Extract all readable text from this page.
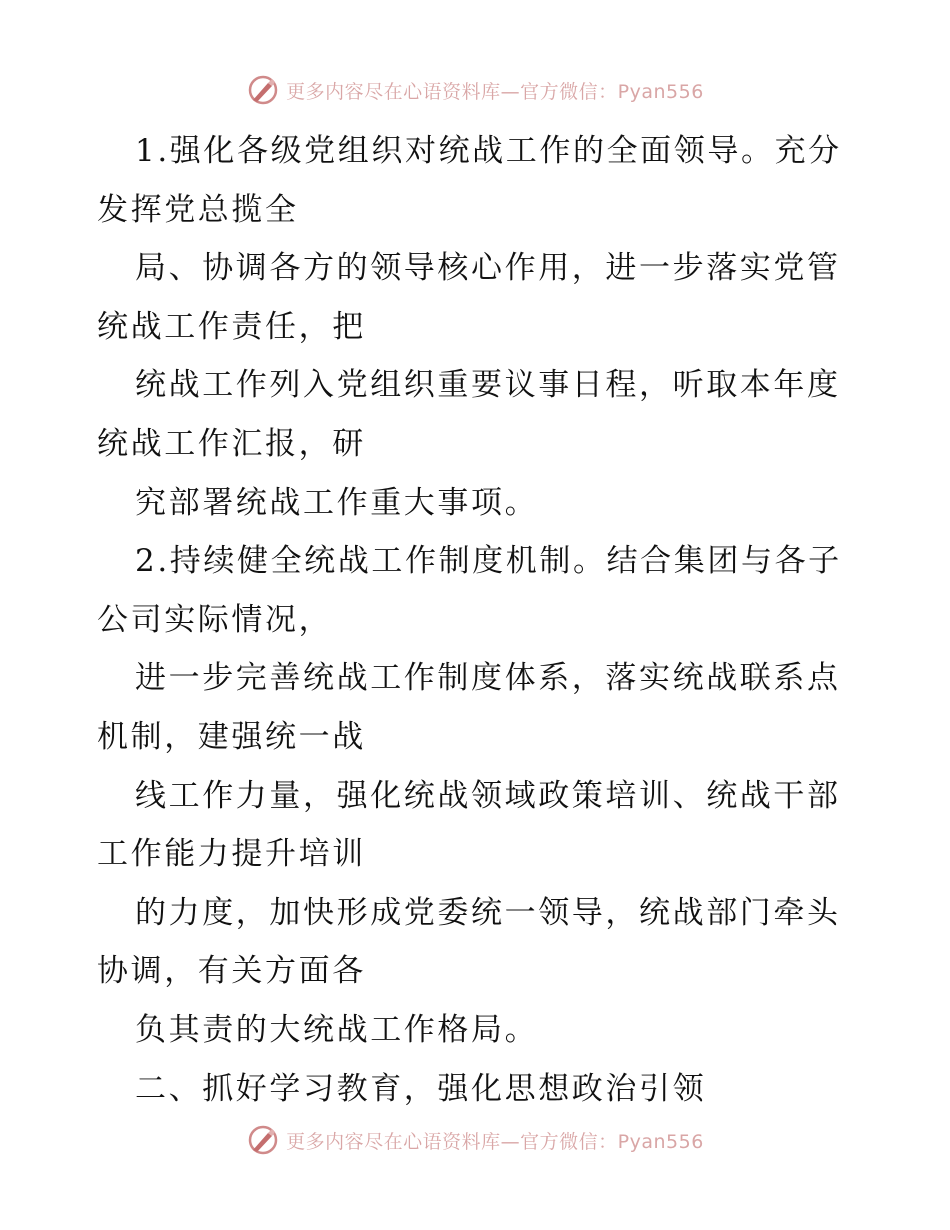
更多内容尽在心语资料库—官方微信：Pyan556
1.强化各级党组织对统战工作的全面领导。充分
发挥党总揽全
局、协调各方的领导核心作用，进一步落实党管
统战工作责任，把
统战工作列入党组织重要议事日程，听取本年度
统战工作汇报，研
究部署统战工作重大事项。
2.持续健全统战工作制度机制。结合集团与各子
公司实际情况，
进一步完善统战工作制度体系，落实统战联系点
机制，建强统一战
线工作力量，强化统战领域政策培训、统战干部
工作能力提升培训
的力度，加快形成党委统一领导，统战部门牵头
协调，有关方面各
负其责的大统战工作格局。
二、抓好学习教育，强化思想政治引领
更多内容尽在心语资料库—官方微信：Pyan556
